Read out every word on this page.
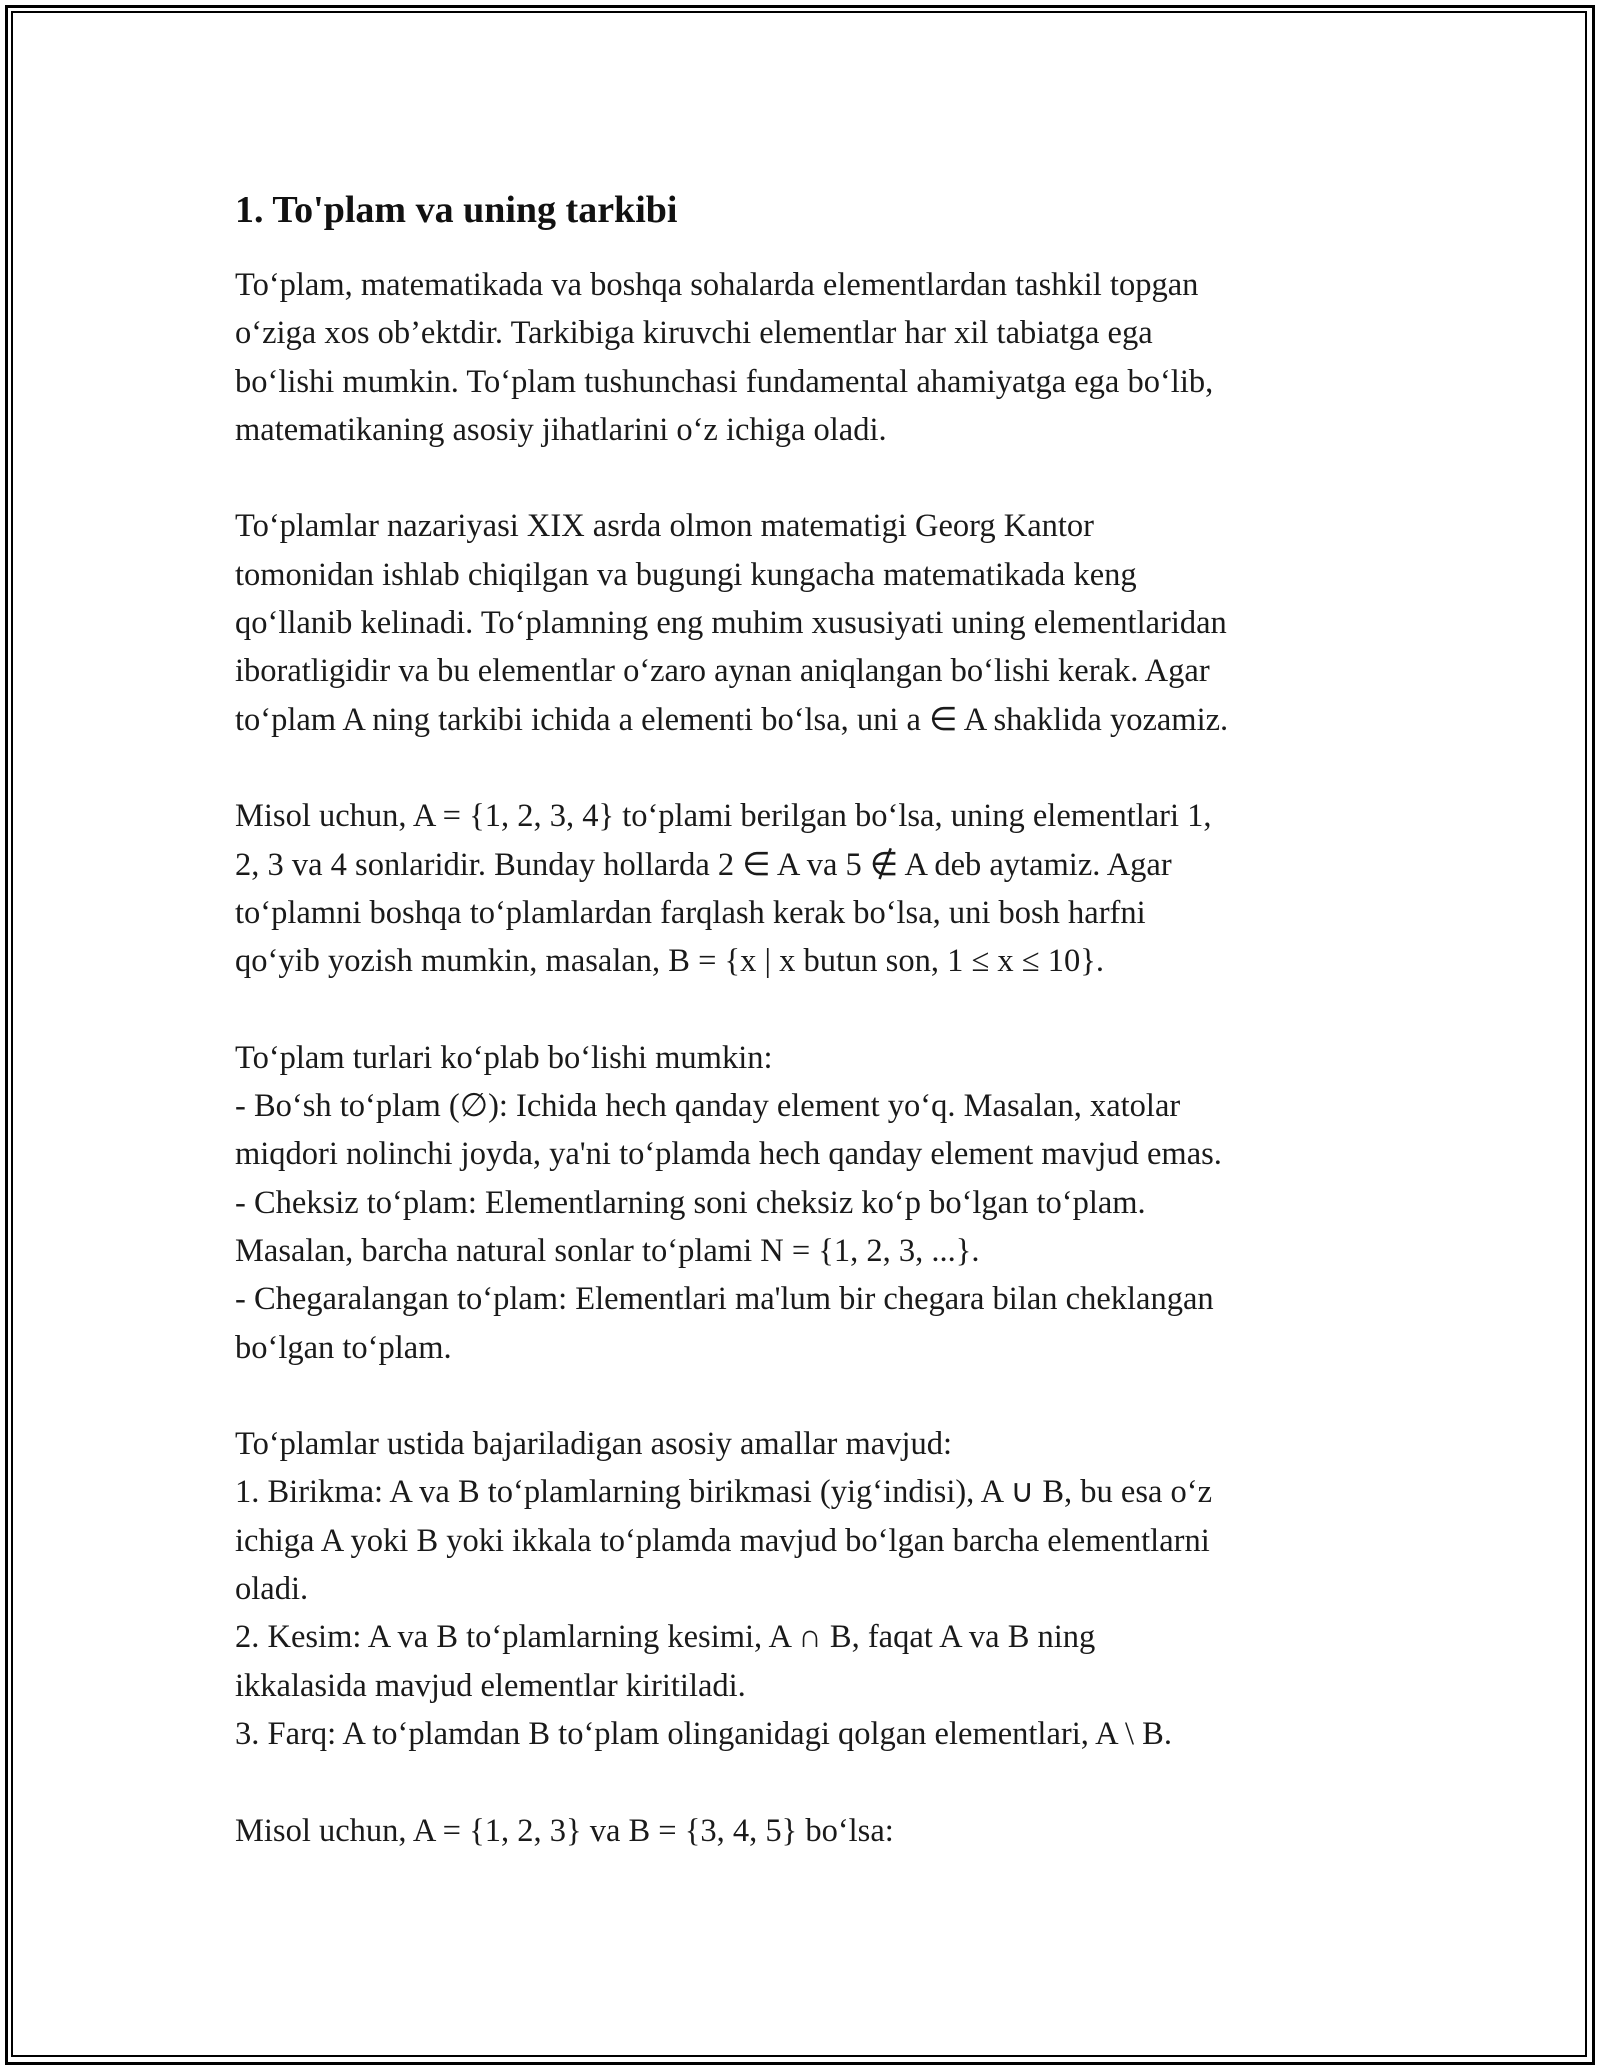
1. To'plam va uning tarkibi
To‘plam, matematikada va boshqa sohalarda elementlardan tashkil topgan
o‘ziga xos ob’ektdir. Tarkibiga kiruvchi elementlar har xil tabiatga ega
bo‘lishi mumkin. To‘plam tushunchasi fundamental ahamiyatga ega bo‘lib,
matematikaning asosiy jihatlarini o‘z ichiga oladi.
To‘plamlar nazariyasi XIX asrda olmon matematigi Georg Kantor
tomonidan ishlab chiqilgan va bugungi kungacha matematikada keng
qo‘llanib kelinadi. To‘plamning eng muhim xususiyati uning elementlaridan
iboratligidir va bu elementlar o‘zaro aynan aniqlangan bo‘lishi kerak. Agar
to‘plam A ning tarkibi ichida a elementi bo‘lsa, uni a ∈ A shaklida yozamiz.
Misol uchun, A = {1, 2, 3, 4} to‘plami berilgan bo‘lsa, uning elementlari 1,
2, 3 va 4 sonlaridir. Bunday hollarda 2 ∈ A va 5 ∉ A deb aytamiz. Agar
to‘plamni boshqa to‘plamlardan farqlash kerak bo‘lsa, uni bosh harfni
qo‘yib yozish mumkin, masalan, B = {x | x butun son, 1 ≤ x ≤ 10}.
To‘plam turlari ko‘plab bo‘lishi mumkin:
- Bo‘sh to‘plam (∅): Ichida hech qanday element yo‘q. Masalan, xatolar
miqdori nolinchi joyda, ya'ni to‘plamda hech qanday element mavjud emas.
- Cheksiz to‘plam: Elementlarning soni cheksiz ko‘p bo‘lgan to‘plam.
Masalan, barcha natural sonlar to‘plami N = {1, 2, 3, ...}.
- Chegaralangan to‘plam: Elementlari ma'lum bir chegara bilan cheklangan
bo‘lgan to‘plam.
To‘plamlar ustida bajariladigan asosiy amallar mavjud:
1. Birikma: A va B to‘plamlarning birikmasi (yig‘indisi), A ∪ B, bu esa o‘z
ichiga A yoki B yoki ikkala to‘plamda mavjud bo‘lgan barcha elementlarni
oladi.
2. Kesim: A va B to‘plamlarning kesimi, A ∩ B, faqat A va B ning
ikkalasida mavjud elementlar kiritiladi.
3. Farq: A to‘plamdan B to‘plam olinganidagi qolgan elementlari, A \ B.
Misol uchun, A = {1, 2, 3} va B = {3, 4, 5} bo‘lsa:
